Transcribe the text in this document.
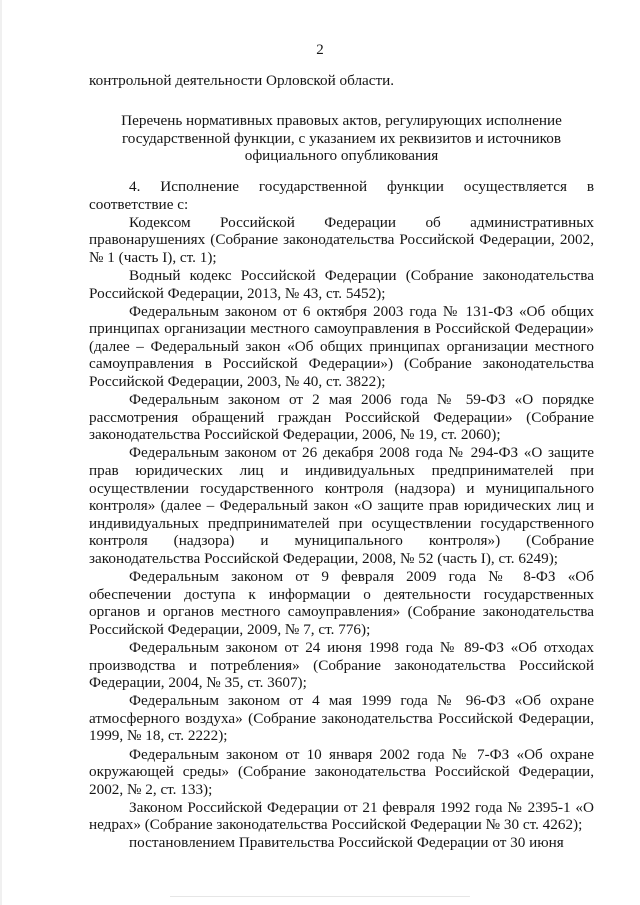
2

контрольной деятельности Орловской области.

Перечень нормативных правовых актов, регулирующих исполнение
государственной функции, с указанием их реквизитов и источников
официального опубликования

4. Исполнение государственной функции осуществляется в соответствие с:

Кодексом Российской Федерации об административных правонарушениях (Собрание законодательства Российской Федерации, 2002, № 1 (часть I), ст. 1);

Водный кодекс Российской Федерации (Собрание законодательства Российской Федерации, 2013, № 43, ст. 5452);

Федеральным законом от 6 октября 2003 года № 131-ФЗ «Об общих принципах организации местного самоуправления в Российской Федерации» (далее – Федеральный закон «Об общих принципах организации местного самоуправления в Российской Федерации») (Собрание законодательства Российской Федерации, 2003, № 40, ст. 3822);

Федеральным законом от 2 мая 2006 года № 59-ФЗ «О порядке рассмотрения обращений граждан Российской Федерации» (Собрание законодательства Российской Федерации, 2006, № 19, ст. 2060);

Федеральным законом от 26 декабря 2008 года № 294-ФЗ «О защите прав юридических лиц и индивидуальных предпринимателей при осуществлении государственного контроля (надзора) и муниципального контроля» (далее – Федеральный закон «О защите прав юридических лиц и индивидуальных предпринимателей при осуществлении государственного контроля (надзора) и муниципального контроля») (Собрание законодательства Российской Федерации, 2008, № 52 (часть I), ст. 6249);

Федеральным законом от 9 февраля 2009 года № 8-ФЗ «Об обеспечении доступа к информации о деятельности государственных органов и органов местного самоуправления» (Собрание законодательства Российской Федерации, 2009, № 7, ст. 776);

Федеральным законом от 24 июня 1998 года № 89-ФЗ «Об отходах производства и потребления» (Собрание законодательства Российской Федерации, 2004, № 35, ст. 3607);

Федеральным законом от 4 мая 1999 года № 96-ФЗ «Об охране атмосферного воздуха» (Собрание законодательства Российской Федерации, 1999, № 18, ст. 2222);

Федеральным законом от 10 января 2002 года № 7-ФЗ «Об охране окружающей среды» (Собрание законодательства Российской Федерации, 2002, № 2, ст. 133);

Законом Российской Федерации от 21 февраля 1992 года № 2395-1 «О недрах» (Собрание законодательства Российской Федерации № 30 ст. 4262);

постановлением Правительства Российской Федерации от 30 июня
